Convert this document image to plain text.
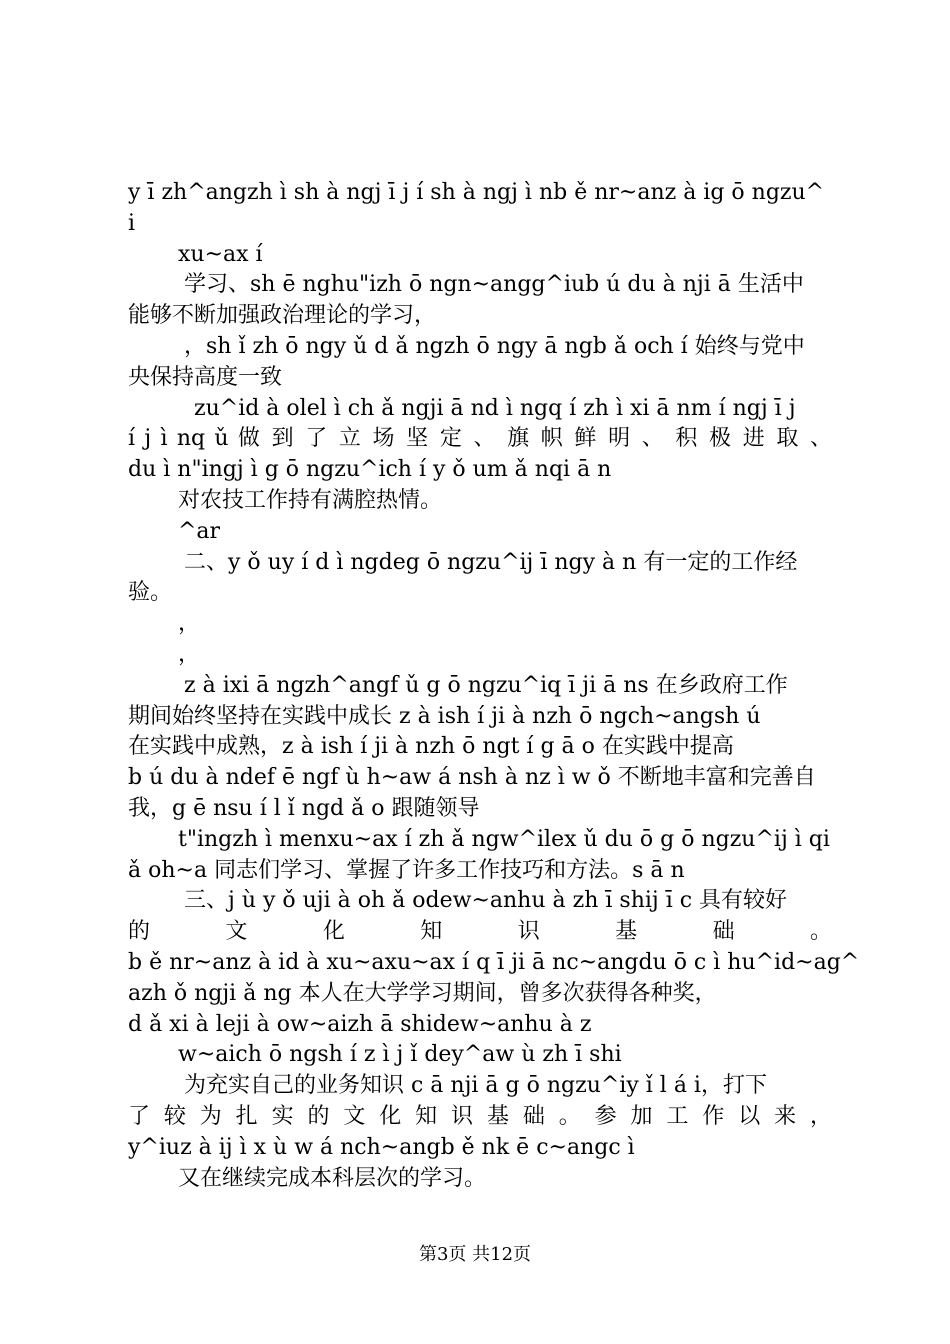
y ī zh^angzh ì sh à ngj ī j í sh à ngj ì nb ě nr~anz à ig ō ngzu^
i
xu~ax í
学习、sh ē nghu"izh ō ngn~angg^iub ú du à nji ā 生活中
能够不断加强政治理论的学习，
，sh ǐ zh ō ngy ǔ d ǎ ngzh ō ngy ā ngb ǎ och í 始终与党中
央保持高度一致
zu^id à olel ì ch ǎ ngji ā nd ì ngq í zh ì xi ā nm í ngj ī j
í j ì nq ǔ 做 到 了 立 场 坚 定 、 旗 帜 鲜 明 、 积 极 进 取 、
du ì n"ingj ì g ō ngzu^ich í y ǒ um ǎ nqi ā n
对农技工作持有满腔热情。
^ar
二、y ǒ uy í d ì ngdeg ō ngzu^ij ī ngy à n 有一定的工作经
验。
，
，
z à ixi ā ngzh^angf ǔ g ō ngzu^iq ī ji ā ns 在乡政府工作
期间始终坚持在实践中成长 z à ish í ji à nzh ō ngch~angsh ú
在实践中成熟，z à ish í ji à nzh ō ngt í g ā o 在实践中提高
b ú du à ndef ē ngf ù h~aw á nsh à nz ì w ǒ 不断地丰富和完善自
我，g ē nsu í l ǐ ngd ǎ o 跟随领导
t"ingzh ì menxu~ax í zh ǎ ngw^ilex ǔ du ō g ō ngzu^ij ì qi
ǎ oh~a 同志们学习、掌握了许多工作技巧和方法。s ā n
三、j ù y ǒ uji à oh ǎ odew~anhu à zh ī shij ī c 具有较好
的 文 化 知 识 基 础 。
b ě nr~anz à id à xu~axu~ax í q ī ji ā nc~angdu ō c ì hu^id~ag^
azh ǒ ngji ǎ ng 本人在大学学习期间，曾多次获得各种奖，
d ǎ xi à leji à ow~aizh ā shidew~anhu à z
w~aich ō ngsh í z ì j ǐ dey^aw ù zh ī shi
为充实自己的业务知识 c ā nji ā g ō ngzu^iy ǐ l á i，打下
了 较 为 扎 实 的 文 化 知 识 基 础 。 参 加 工 作 以 来 ，
y^iuz à ij ì x ù w á nch~angb ě nk ē c~angc ì
又在继续完成本科层次的学习。
第3页 共12页
